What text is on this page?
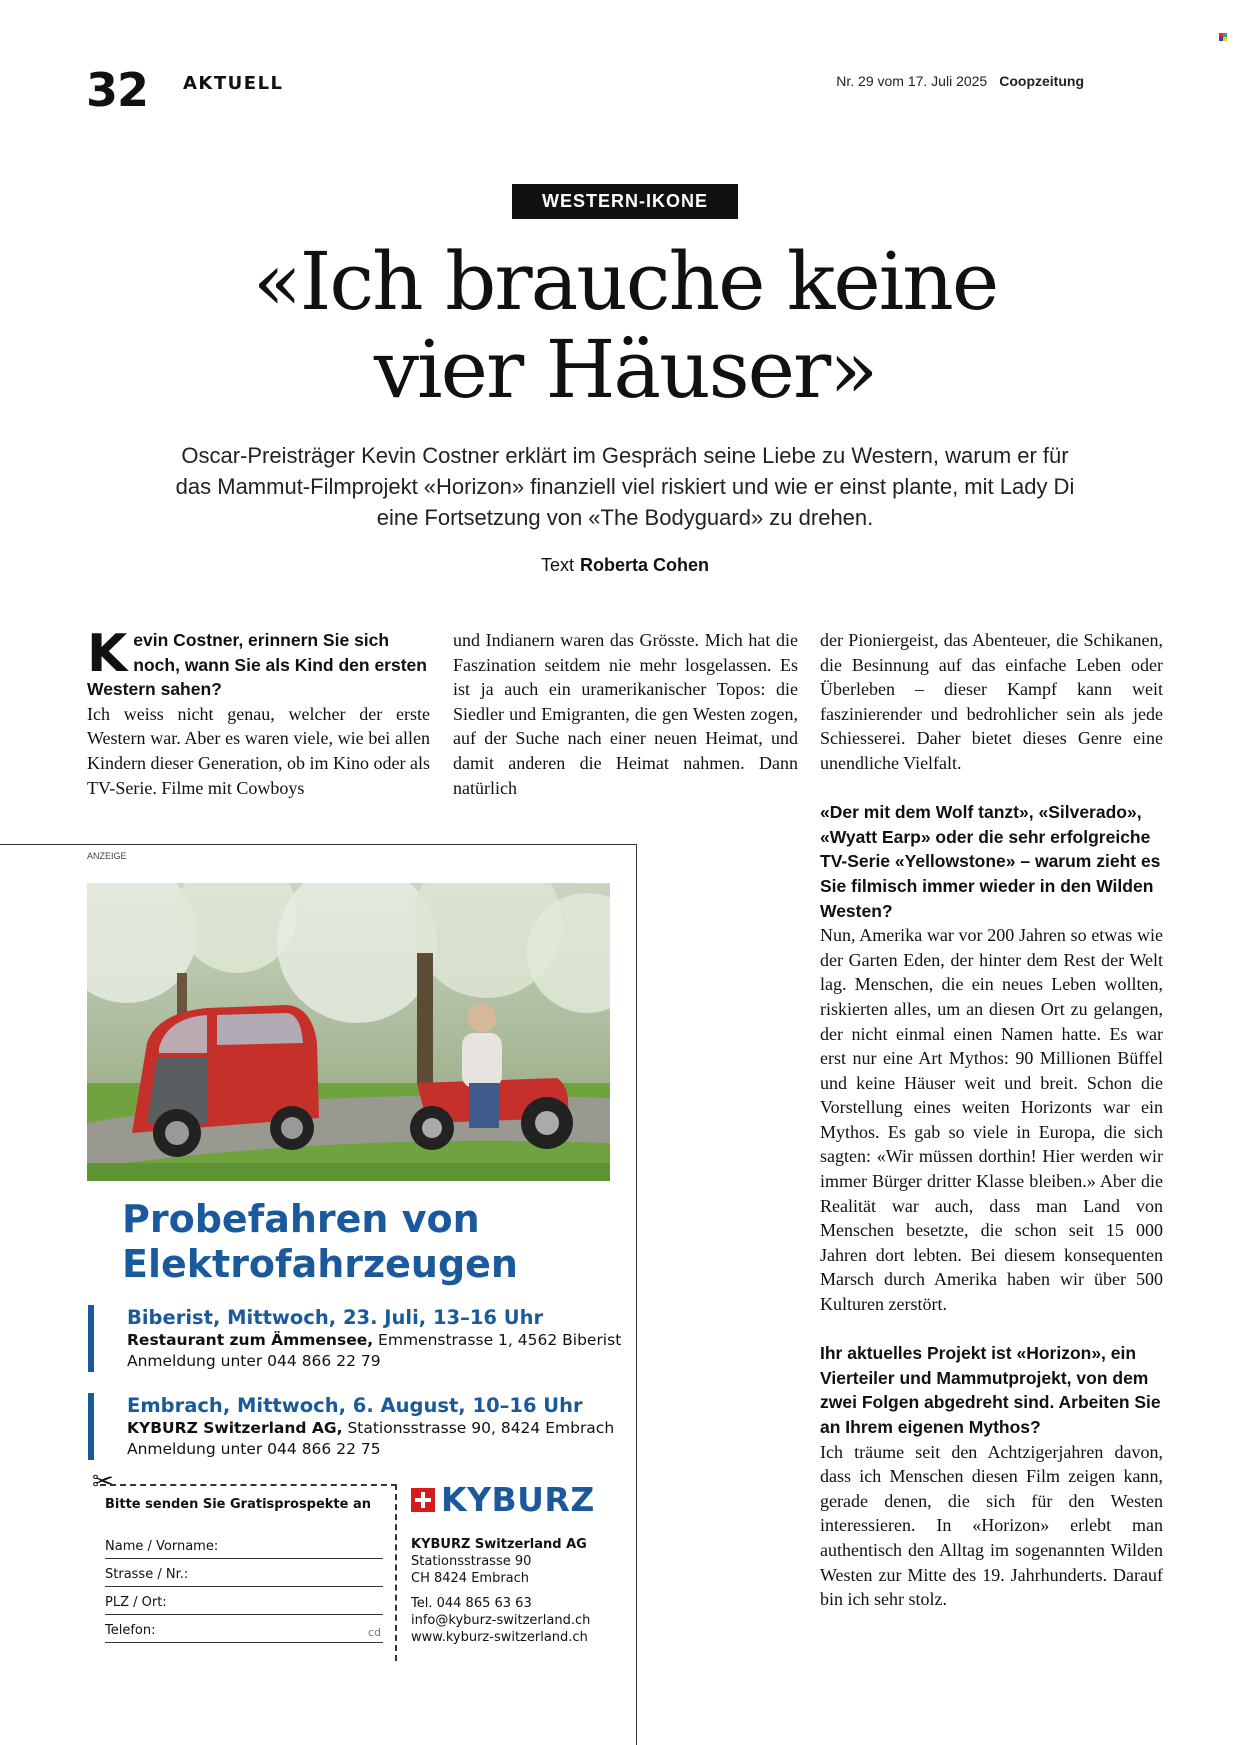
32 AKTUELL	Nr. 29 vom 17. Juli 2025 Coopzeitung
WESTERN-IKONE
«Ich brauche keine
vier Häuser»
Oscar-Preisträger Kevin Costner erklärt im Gespräch seine Liebe zu Western, warum er für das Mammut-Filmprojekt «Horizon» finanziell viel riskiert und wie er einst plante, mit Lady Di eine Fortsetzung von «The Bodyguard» zu drehen.
Text Roberta Cohen

Kevin Costner, erinnern Sie sich noch, wann Sie als Kind den ersten Western sahen?

Ich weiss nicht genau, welcher der erste Western war. Aber es waren viele, wie bei allen Kindern dieser Generation, ob im Kino oder als TV-Serie. Filme mit Cowboys

und Indianern waren das Grösste. Mich hat die Faszination seitdem nie mehr losgelassen. Es ist ja auch ein uramerikanischer Topos: die Siedler und Emigranten, die gen Westen zogen, auf der Suche nach einer neuen Heimat, und damit anderen die Heimat nahmen. Dann natürlich

der Pioniergeist, das Abenteuer, die Schikanen, die Besinnung auf das einfache Leben oder Überleben – dieser Kampf kann weit faszinierender und bedrohlicher sein als jede Schiesserei. Daher bietet dieses Genre eine unendliche Vielfalt.

«Der mit dem Wolf tanzt», «Silverado», «Wyatt Earp» oder die sehr erfolgreiche TV-Serie «Yellowstone» – warum zieht es Sie filmisch immer wieder in den Wilden Westen?

Nun, Amerika war vor 200 Jahren so etwas wie der Garten Eden, der hinter dem Rest der Welt lag. Menschen, die ein neues Leben wollten, riskierten alles, um an diesen Ort zu gelangen, der nicht einmal einen Namen hatte. Es war erst nur eine Art Mythos: 90 Millionen Büffel und keine Häuser weit und breit. Schon die Vorstellung eines weiten Horizonts war ein Mythos. Es gab so viele in Europa, die sich sagten: «Wir müssen dorthin! Hier werden wir immer Bürger dritter Klasse bleiben.» Aber die Realität war auch, dass man Land von Menschen besetzte, die schon seit 15 000 Jahren dort lebten. Bei diesem konsequenten Marsch durch Amerika haben wir über 500 Kulturen zerstört.

Ihr aktuelles Projekt ist «Horizon», ein Vierteiler und Mammutprojekt, von dem zwei Folgen abgedreht sind. Arbeiten Sie an Ihrem eigenen Mythos?

Ich träume seit den Achtzigerjahren davon, dass ich Menschen diesen Film zeigen kann, gerade denen, die sich für den Westen interessieren. In «Horizon» erlebt man authentisch den Alltag im sogenannten Wilden Westen zur Mitte des 19. Jahrhunderts. Darauf bin ich sehr stolz.

ANZEIGE
Probefahren von
Elektrofahrzeugen
Biberist, Mittwoch, 23. Juli, 13–16 Uhr
Restaurant zum Ämmensee, Emmenstrasse 1, 4562 Biberist
Anmeldung unter 044 866 22 79
Embrach, Mittwoch, 6. August, 10–16 Uhr
KYBURZ Switzerland AG, Stationsstrasse 90, 8424 Embrach
Anmeldung unter 044 866 22 75
✂
Bitte senden Sie Gratisprospekte an
Name / Vorname:
Strasse / Nr.:
PLZ / Ort:
Telefon:	cd
KYBURZ
KYBURZ Switzerland AG
Stationsstrasse 90
CH 8424 Embrach
Tel. 044 865 63 63
info@kyburz-switzerland.ch
www.kyburz-switzerland.ch
